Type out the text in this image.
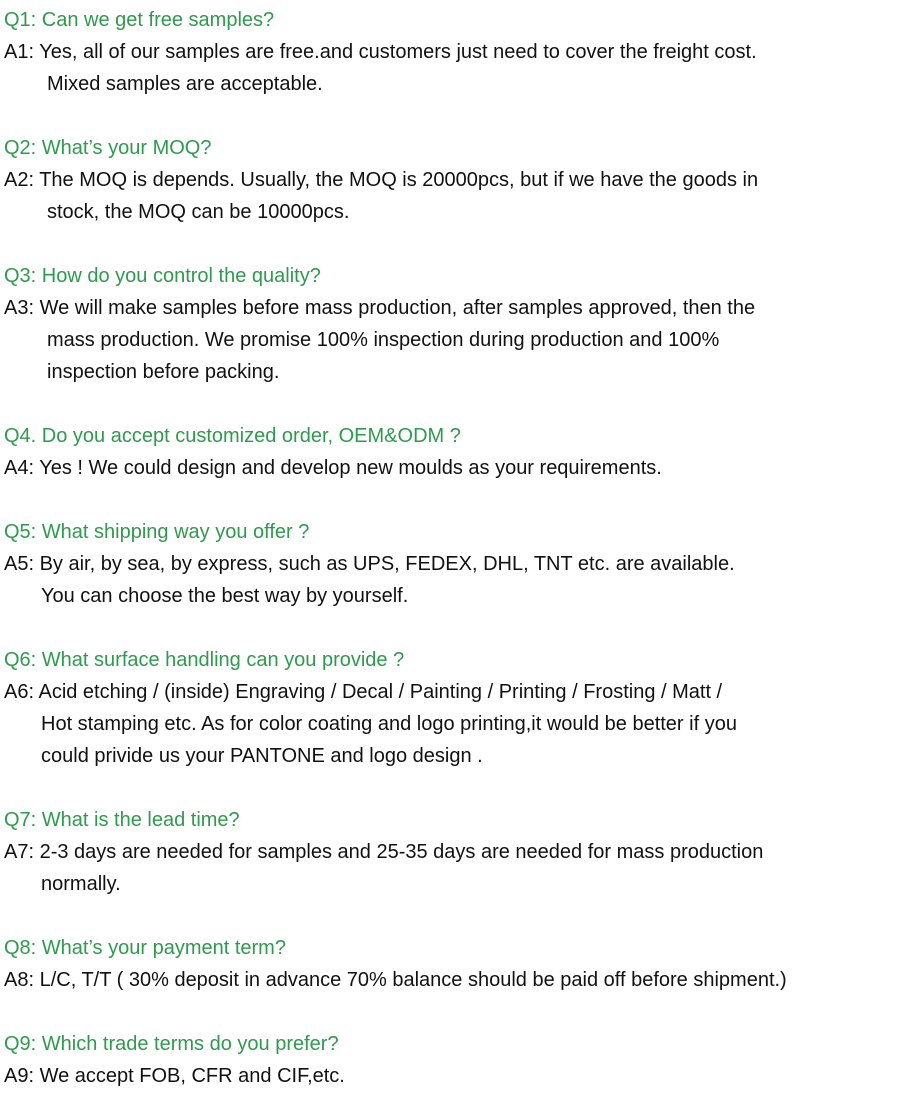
Q1: Can we get free samples?
A1: Yes, all of our samples are free.and customers just need to cover the freight cost.
Mixed samples are acceptable.
Q2: What’s your MOQ?
A2: The MOQ is depends. Usually, the MOQ is 20000pcs, but if we have the goods in
stock, the MOQ can be 10000pcs.
Q3: How do you control the quality?
A3: We will make samples before mass production, after samples approved, then the
mass production. We promise 100% inspection during production and 100%
inspection before packing.
Q4. Do you accept customized order, OEM&ODM ?
A4: Yes ! We could design and develop new moulds as your requirements.
Q5: What shipping way you offer ?
A5: By air, by sea, by express, such as UPS, FEDEX, DHL, TNT etc. are available.
You can choose the best way by yourself.
Q6: What surface handling can you provide ?
A6: Acid etching / (inside) Engraving / Decal / Painting / Printing / Frosting / Matt /
Hot stamping etc. As for color coating and logo printing,it would be better if you
could privide us your PANTONE and logo design .
Q7: What is the lead time?
A7: 2-3 days are needed for samples and 25-35 days are needed for mass production
normally.
Q8: What’s your payment term?
A8: L/C, T/T ( 30% deposit in advance 70% balance should be paid off before shipment.)
Q9: Which trade terms do you prefer?
A9: We accept FOB, CFR and CIF,etc.
